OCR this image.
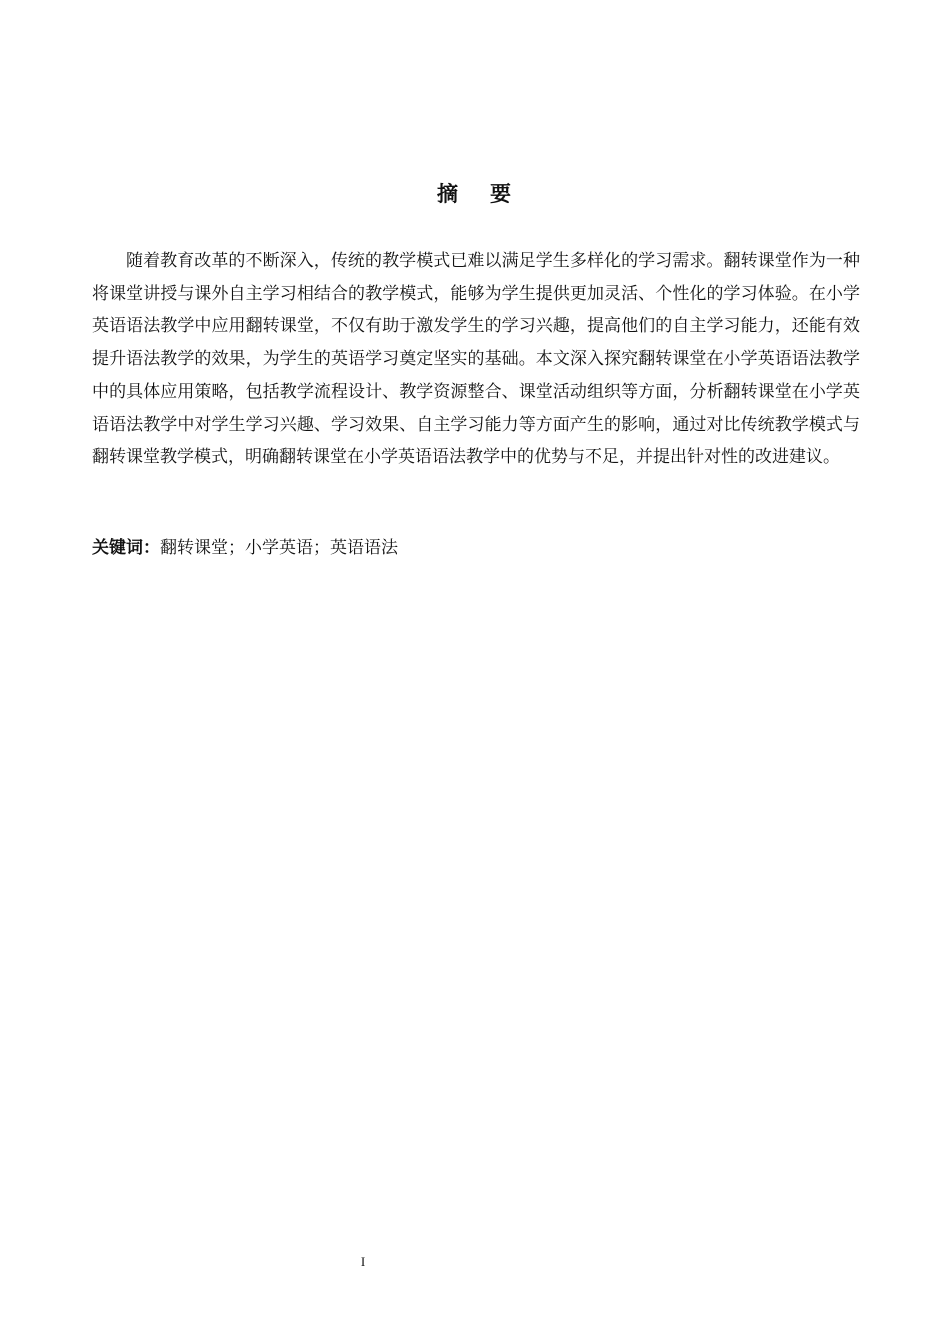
摘 要

随着教育改革的不断深入，传统的教学模式已难以满足学生多样化的学习需求。翻转课堂作为一种将课堂讲授与课外自主学习相结合的教学模式，能够为学生提供更加灵活、个性化的学习体验。在小学英语语法教学中应用翻转课堂，不仅有助于激发学生的学习兴趣，提高他们的自主学习能力，还能有效提升语法教学的效果，为学生的英语学习奠定坚实的基础。本文深入探究翻转课堂在小学英语语法教学中的具体应用策略，包括教学流程设计、教学资源整合、课堂活动组织等方面，分析翻转课堂在小学英语语法教学中对学生学习兴趣、学习效果、自主学习能力等方面产生的影响，通过对比传统教学模式与翻转课堂教学模式，明确翻转课堂在小学英语语法教学中的优势与不足，并提出针对性的改进建议。

关键词：翻转课堂；小学英语；英语语法

I
